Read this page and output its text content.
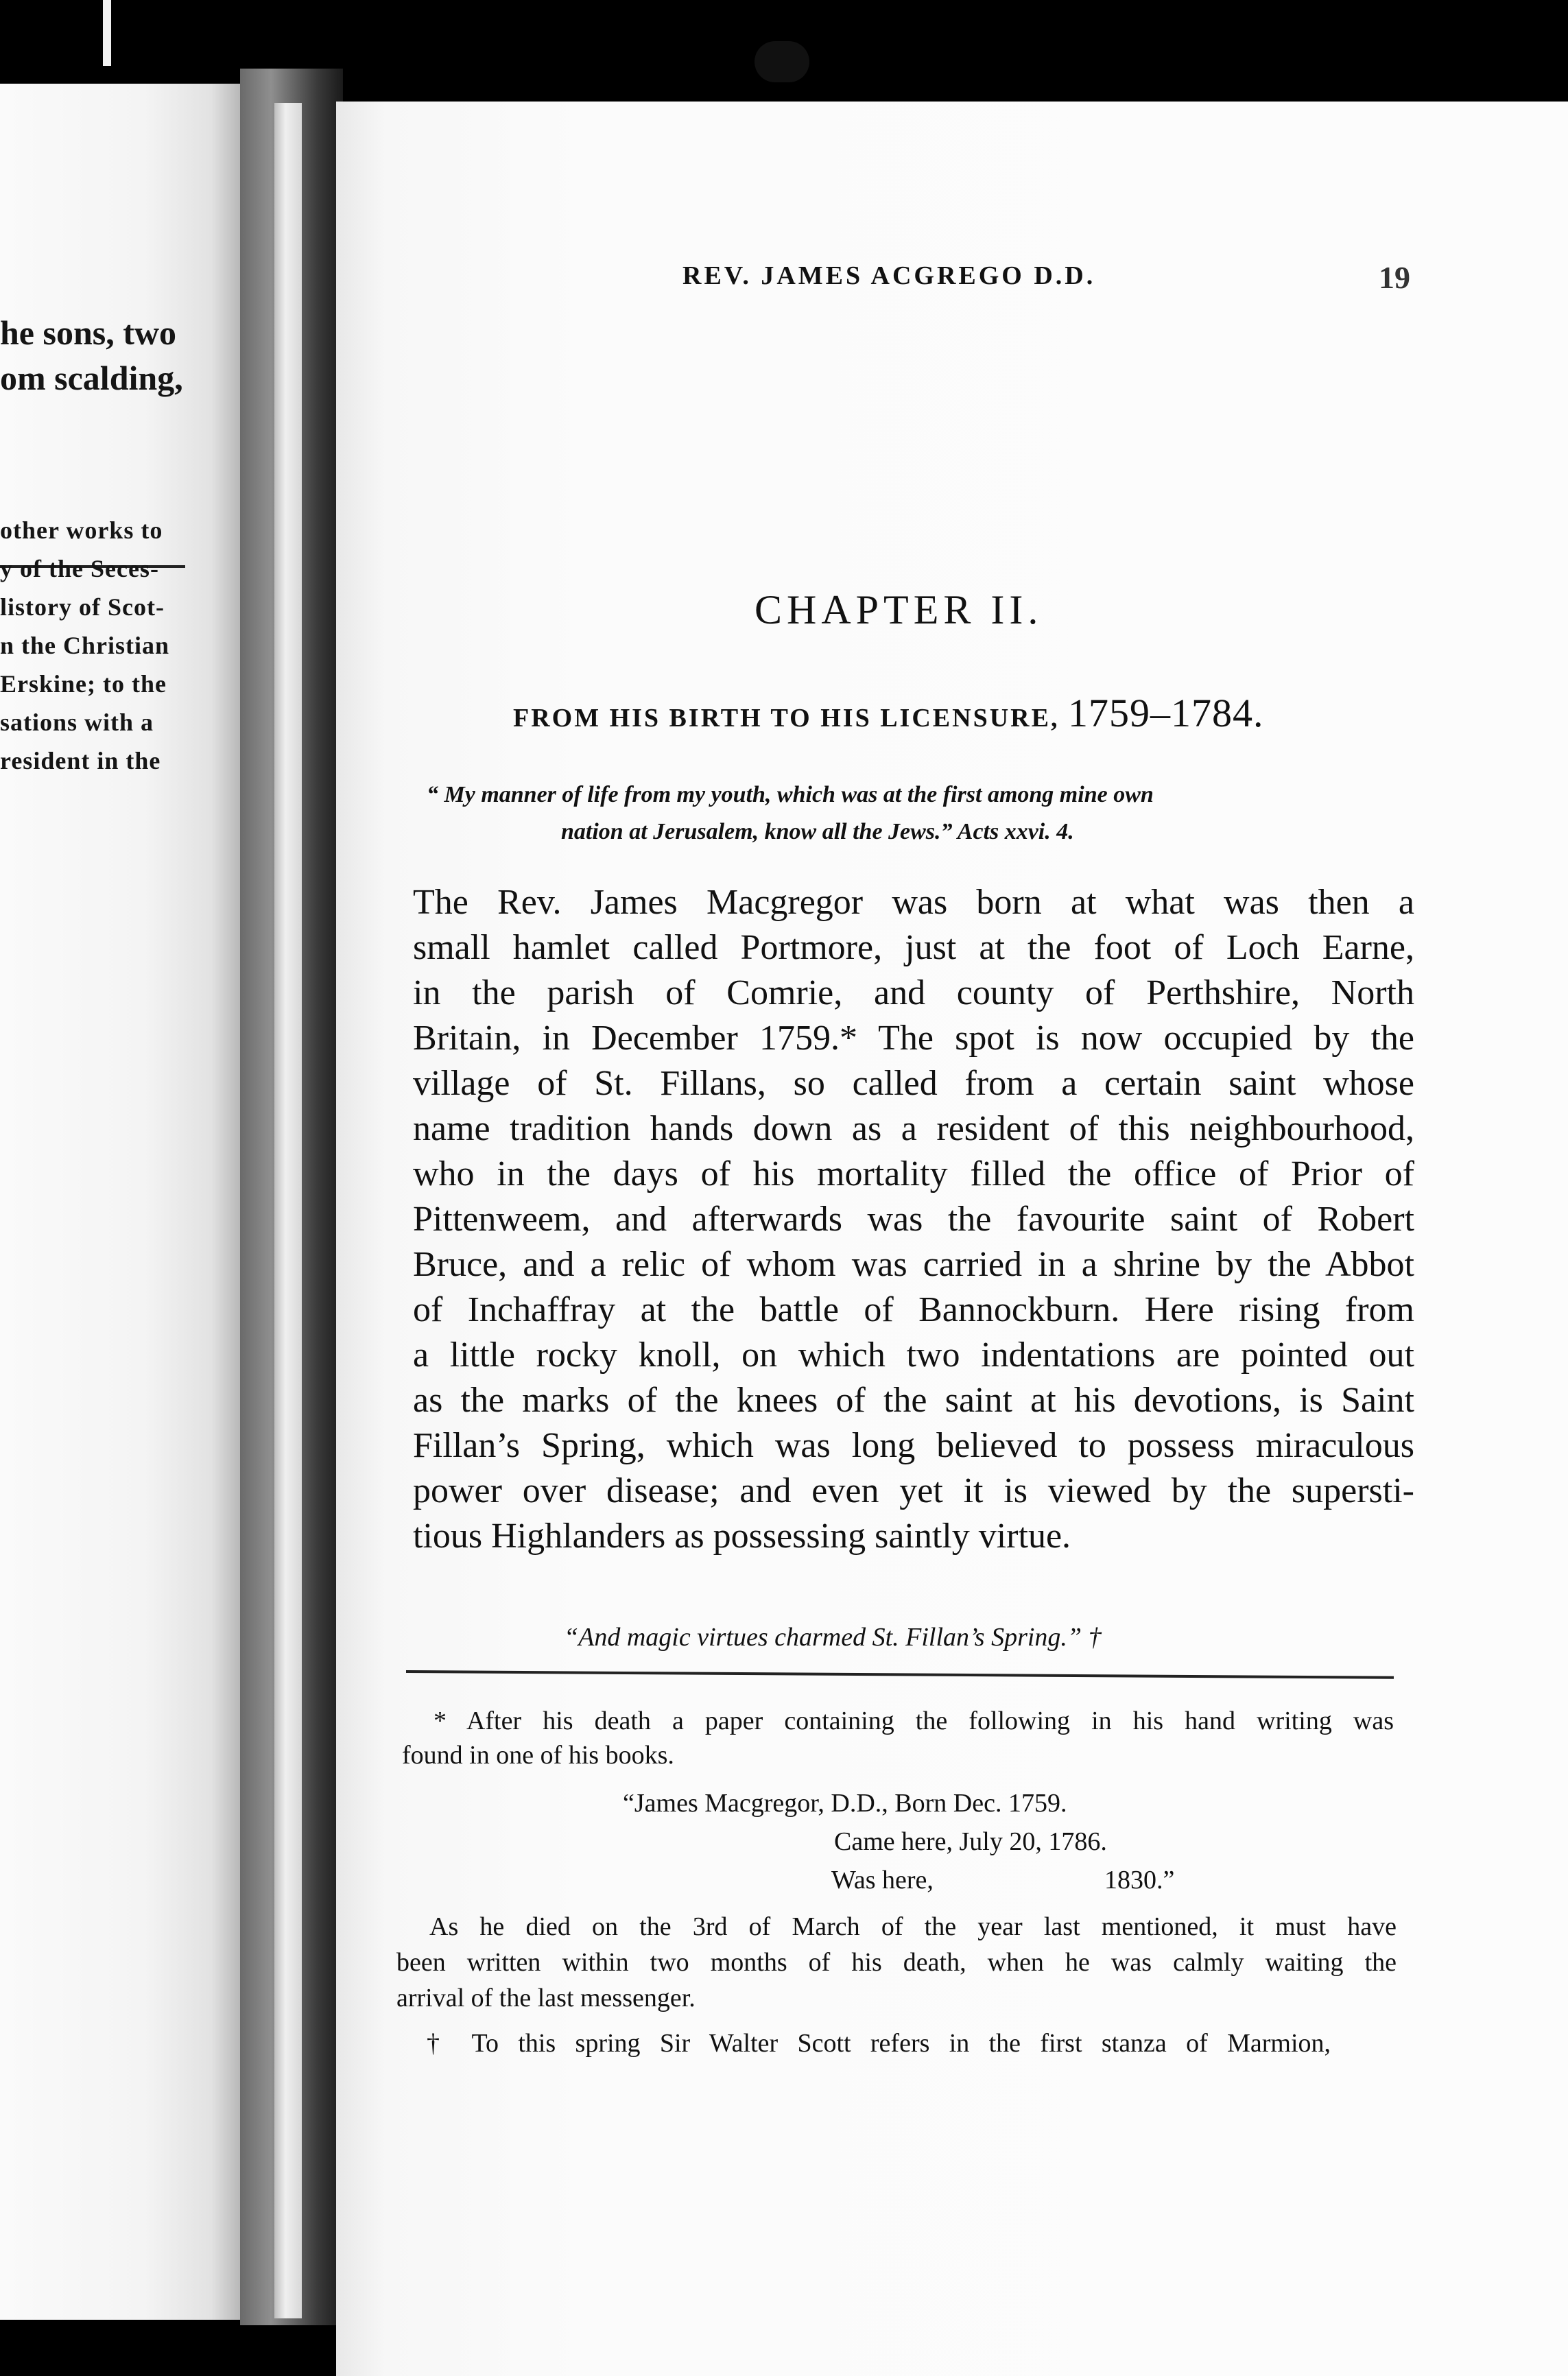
he sons, two
om scalding,
other works to
y of the Seces-
listory of Scot-
n the Christian
Erskine; to the
sations with a
resident in the
REV. JAMES ACGREGO D.D.	19
CHAPTER II.
FROM HIS BIRTH TO HIS LICENSURE, 1759–1784.
“ My manner of life from my youth, which was at the first among mine own
nation at Jerusalem, know all the Jews.” Acts xxvi. 4.
The Rev. James Macgregor was born at what was then a
small hamlet called Portmore, just at the foot of Loch Earne,
in the parish of Comrie, and county of Perthshire, North
Britain, in December 1759.* The spot is now occupied by the
village of St. Fillans, so called from a certain saint whose
name tradition hands down as a resident of this neighbourhood,
who in the days of his mortality filled the office of Prior of
Pittenweem, and afterwards was the favourite saint of Robert
Bruce, and a relic of whom was carried in a shrine by the Abbot
of Inchaffray at the battle of Bannockburn. Here rising from
a little rocky knoll, on which two indentations are pointed out
as the marks of the knees of the saint at his devotions, is Saint
Fillan’s Spring, which was long believed to possess miraculous
power over disease; and even yet it is viewed by the supersti-
tious Highlanders as possessing saintly virtue.
“And magic virtues charmed St. Fillan’s Spring.” †
* After his death a paper containing the following in his hand writing was
found in one of his books.
“James Macgregor, D.D., Born Dec. 1759.
Came here, July 20, 1786.
Was here,	1830.”
As he died on the 3rd of March of the year last mentioned, it must have
been written within two months of his death, when he was calmly waiting the
arrival of the last messenger.
† To this spring Sir Walter Scott refers in the first stanza of Marmion,
